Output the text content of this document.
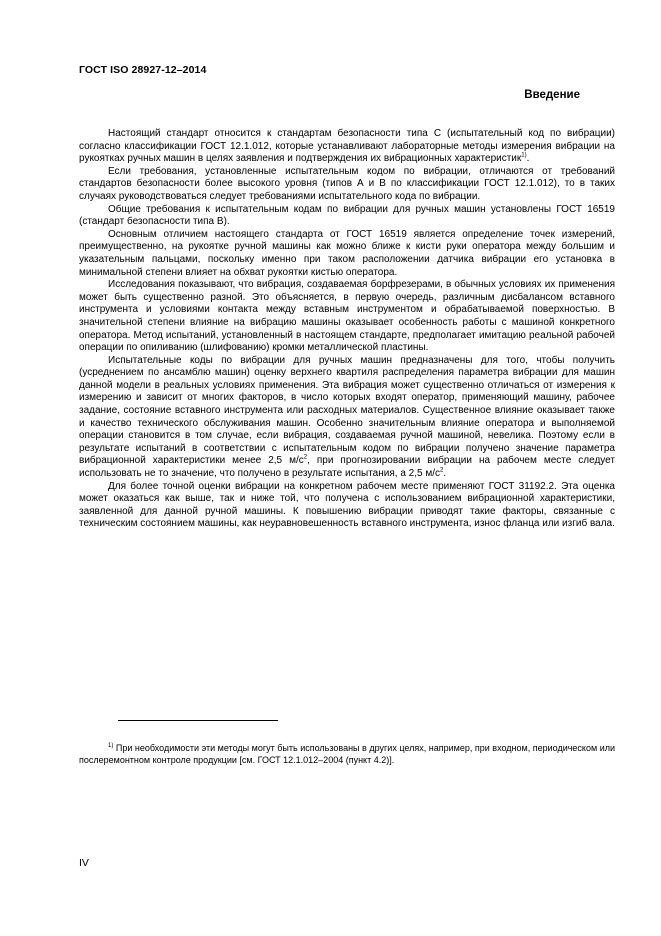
ГОСТ ISO 28927-12–2014
Введение

Настоящий стандарт относится к стандартам безопасности типа С (испытательный код по вибрации) согласно классификации ГОСТ 12.1.012, которые устанавливают лабораторные методы измерения вибрации на рукоятках ручных машин в целях заявления и подтверждения их вибрационных характеристик$^{1)}$.

Если требования, установленные испытательным кодом по вибрации, отличаются от требований стандартов безопасности более высокого уровня (типов А и В по классификации ГОСТ 12.1.012), то в таких случаях руководствоваться следует требованиями испытательного кода по вибрации.

Общие требования к испытательным кодам по вибрации для ручных машин установлены ГОСТ 16519 (стандарт безопасности типа В).

Основным отличием настоящего стандарта от ГОСТ 16519 является определение точек измерений, преимущественно, на рукоятке ручной машины как можно ближе к кисти руки оператора между большим и указательным пальцами, поскольку именно при таком расположении датчика вибрации его установка в минимальной степени влияет на обхват рукоятки кистью оператора.

Исследования показывают, что вибрация, создаваемая борфрезерами, в обычных условиях их применения может быть существенно разной. Это объясняется, в первую очередь, различным дисбалансом вставного инструмента и условиями контакта между вставным инструментом и обрабатываемой поверхностью. В значительной степени влияние на вибрацию машины оказывает особенность работы с машиной конкретного оператора. Метод испытаний, установленный в настоящем стандарте, предполагает имитацию реальной рабочей операции по опиливанию (шлифованию) кромки металлической пластины.

Испытательные коды по вибрации для ручных машин предназначены для того, чтобы получить (усреднением по ансамблю машин) оценку верхнего квартиля распределения параметра вибрации для машин данной модели в реальных условиях применения. Эта вибрация может существенно отличаться от измерения к измерению и зависит от многих факторов, в число которых входят оператор, применяющий машину, рабочее задание, состояние вставного инструмента или расходных материалов. Существенное влияние оказывает также и качество технического обслуживания машин. Особенно значительным влияние оператора и выполняемой операции становится в том случае, если вибрация, создаваемая ручной машиной, невелика. Поэтому если в результате испытаний в соответствии с испытательным кодом по вибрации получено значение параметра вибрационной характеристики менее 2,5 $м/с^2$, при прогнозировании вибрации на рабочем месте следует использовать не то значение, что получено в результате испытания, а 2,5 $м/с^2$.

Для более точной оценки вибрации на конкретном рабочем месте применяют ГОСТ 31192.2. Эта оценка может оказаться как выше, так и ниже той, что получена с использованием вибрационной характеристики, заявленной для данной ручной машины. К повышению вибрации приводят такие факторы, связанные с техническим состоянием машины, как неуравновешенность вставного инструмента, износ фланца или изгиб вала.

$^{1)}$ При необходимости эти методы могут быть использованы в других целях, например, при входном, периодическом или послеремонтном контроле продукции [см. ГОСТ 12.1.012–2004 (пункт 4.2)].

IV
